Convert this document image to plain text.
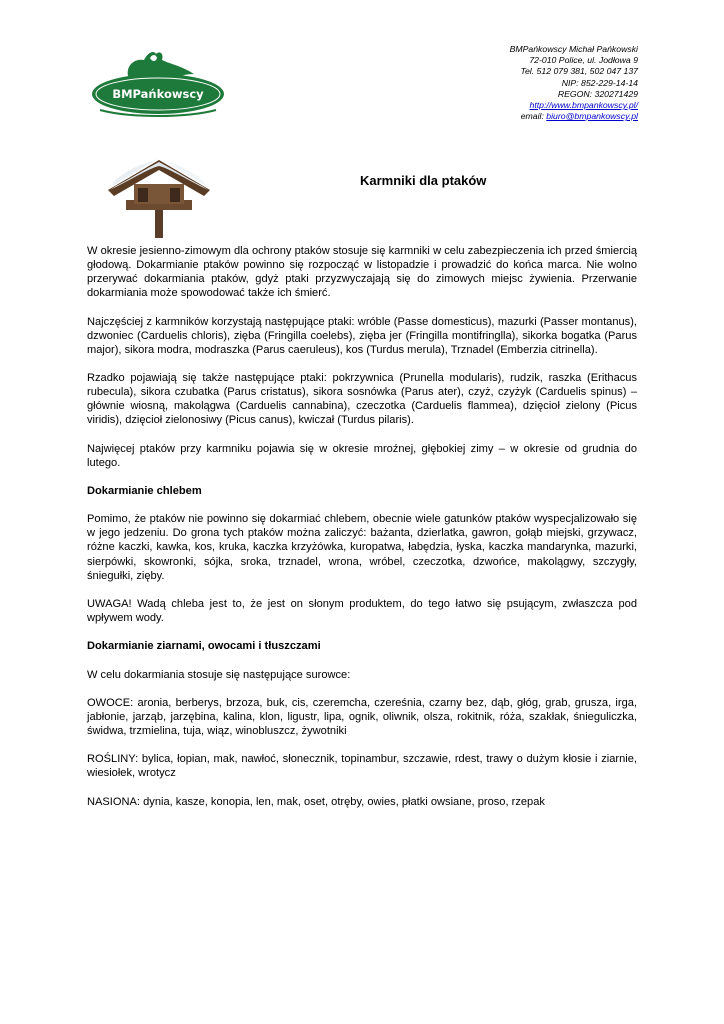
BMPańkowscy
BMPańkowscy Michał Pańkowski
72-010 Police, ul. Jodłowa 9
Tel. 512 079 381, 502 047 137
NIP: 852-229-14-14
REGON: 320271429
http://www.bmpankowscy.pl/
email: biuro@bmpankowscy.pl
Karmniki dla ptaków

W okresie jesienno-zimowym dla ochrony ptaków stosuje się karmniki w celu zabezpieczenia ich przed śmiercią głodową. Dokarmianie ptaków powinno się rozpocząć w listopadzie i prowadzić do końca marca. Nie wolno przerywać dokarmiania ptaków, gdyż ptaki przyzwyczajają się do zimowych miejsc żywienia. Przerwanie dokarmiania może spowodować także ich śmierć.

Najczęściej z karmników korzystają następujące ptaki: wróble (Passe domesticus), mazurki (Passer montanus), dzwoniec (Carduelis chloris), zięba (Fringilla coelebs), zięba jer (Fringilla montifringlla), sikorka bogatka (Parus major), sikora modra, modraszka (Parus caeruleus), kos (Turdus merula), Trznadel (Emberzia citrinella).

Rzadko pojawiają się także następujące ptaki: pokrzywnica (Prunella modularis), rudzik, raszka (Erithacus rubecula), sikora czubatka (Parus cristatus), sikora sosnówka (Parus ater), czyż, czyżyk (Carduelis spinus) – głównie wiosną, makolągwa (Carduelis cannabina), czeczotka (Carduelis flammea), dzięcioł zielony (Picus viridis), dzięcioł zielonosiwy (Picus canus), kwiczał (Turdus pilaris).

Najwięcej ptaków przy karmniku pojawia się w okresie mroźnej, głębokiej zimy – w okresie od grudnia do lutego.

Dokarmianie chlebem

Pomimo, że ptaków nie powinno się dokarmiać chlebem, obecnie wiele gatunków ptaków wyspecjalizowało się w jego jedzeniu. Do grona tych ptaków można zaliczyć: bażanta, dzierlatka, gawron, gołąb miejski, grzywacz, różne kaczki, kawka, kos, kruka, kaczka krzyżówka, kuropatwa, łabędzia, łyska, kaczka mandarynka, mazurki, sierpówki, skowronki, sójka, sroka, trznadel, wrona, wróbel, czeczotka, dzwońce, makolągwy, szczygły, śniegułki, zięby.

UWAGA! Wadą chleba jest to, że jest on słonym produktem, do tego łatwo się psującym, zwłaszcza pod wpływem wody.

Dokarmianie ziarnami, owocami i tłuszczami

W celu dokarmiania stosuje się następujące surowce:

OWOCE: aronia, berberys, brzoza, buk, cis, czeremcha, czereśnia, czarny bez, dąb, głóg, grab, grusza, irga, jabłonie, jarząb, jarzębina, kalina, klon, ligustr, lipa, ognik, oliwnik, olsza, rokitnik, róża, szakłak, śnieguliczka, świdwa, trzmielina, tuja, wiąz, winobluszcz, żywotniki

ROŚLINY: bylica, łopian, mak, nawłoć, słonecznik, topinambur, szczawie, rdest, trawy o dużym kłosie i ziarnie, wiesiołek, wrotycz

NASIONA: dynia, kasze, konopia, len, mak, oset, otręby, owies, płatki owsiane, proso, rzepak
